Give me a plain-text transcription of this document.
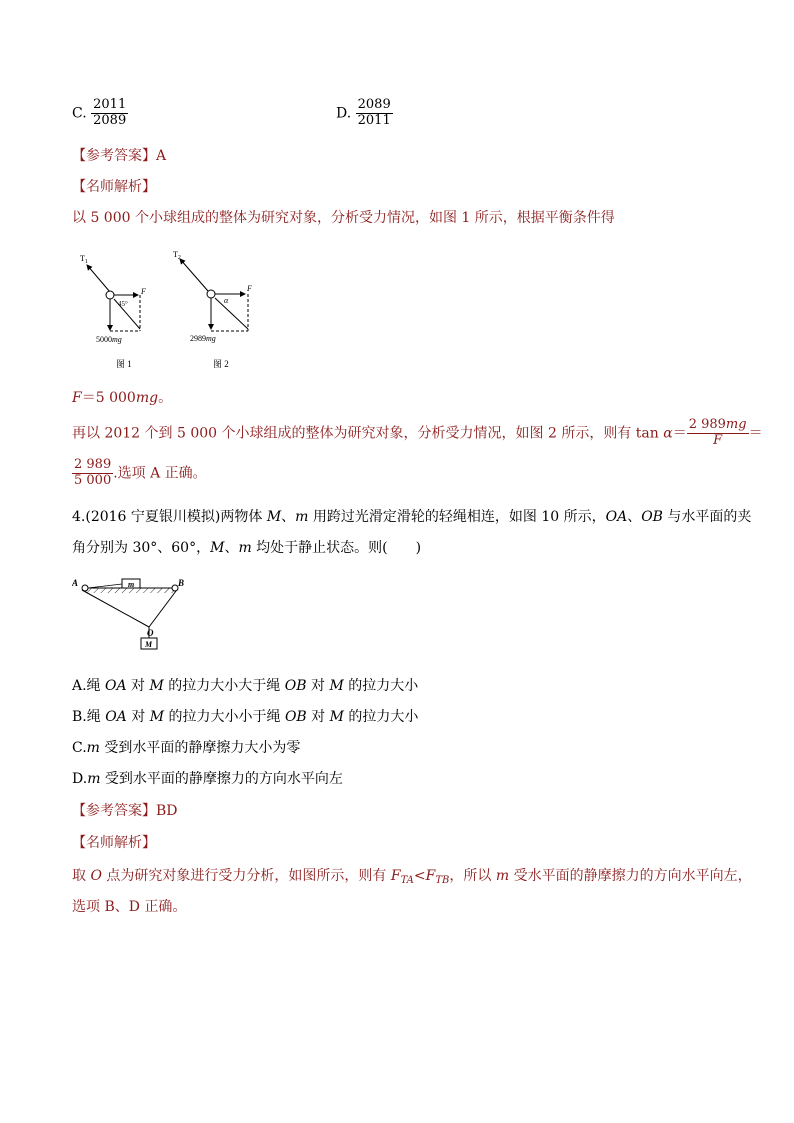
C. $\frac{2011}{2089}$	D. $\frac{2089}{2011}$
【参考答案】A
【名师解析】
以 5 000 个小球组成的整体为研究对象，分析受力情况，如图 1 所示，根据平衡条件得
$T_1$
45°
F
5000mg
图 1
$T_2$
α
F
2989mg
图 2
F＝5 000mg。
再以 2012 个到 5 000 个小球组成的整体为研究对象，分析受力情况，如图 2 所示，则有 $\tan \alpha= \frac{2 989mg}{F}$ ＝
$\frac{2 989}{5 000}$ .选项 A 正确。
4.(2016 宁夏银川模拟)两物体 M、m 用跨过光滑定滑轮的轻绳相连，如图 10 所示，OA、OB 与水平面的夹
角分别为 30°、60°，M、m 均处于静止状态。则(　　)
A	B
m
O
M
A.绳 OA 对 M 的拉力大小大于绳 OB 对 M 的拉力大小
B.绳 OA 对 M 的拉力大小小于绳 OB 对 M 的拉力大小
C.m 受到水平面的静摩擦力大小为零
D.m 受到水平面的静摩擦力的方向水平向左
【参考答案】BD
【名师解析】
取 O 点为研究对象进行受力分析，如图所示，则有 $F_{TA}<F_{TB}$，所以 m 受水平面的静摩擦力的方向水平向左，
选项 B、D 正确。
